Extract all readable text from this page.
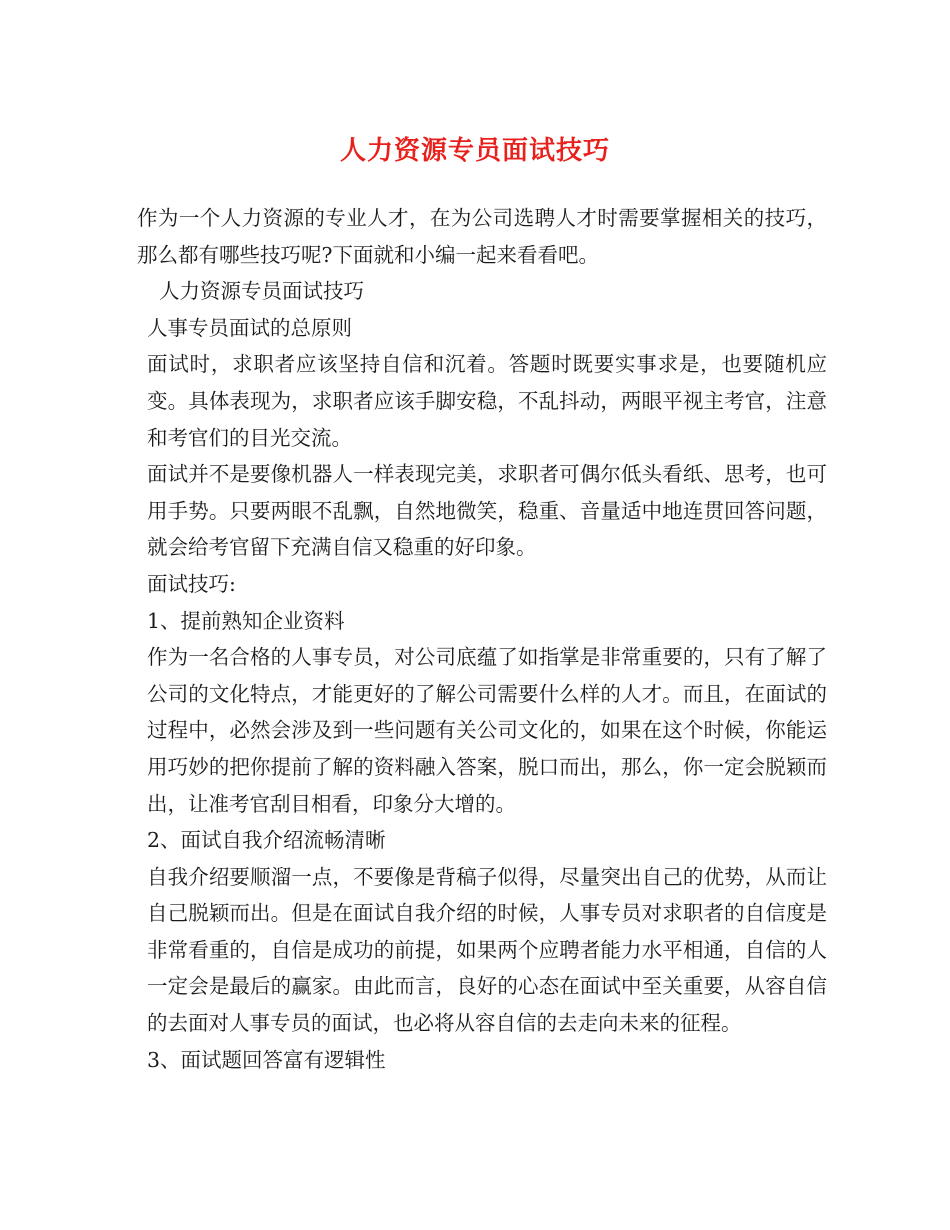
人力资源专员面试技巧

作为一个人力资源的专业人才，在为公司选聘人才时需要掌握相关的技巧，那么都有哪些技巧呢?下面就和小编一起来看看吧。

人力资源专员面试技巧

人事专员面试的总原则

面试时，求职者应该坚持自信和沉着。答题时既要实事求是，也要随机应变。具体表现为，求职者应该手脚安稳，不乱抖动，两眼平视主考官，注意和考官们的目光交流。

面试并不是要像机器人一样表现完美，求职者可偶尔低头看纸、思考，也可用手势。只要两眼不乱飘，自然地微笑，稳重、音量适中地连贯回答问题，就会给考官留下充满自信又稳重的好印象。

面试技巧:

1、提前熟知企业资料

作为一名合格的人事专员，对公司底蕴了如指掌是非常重要的，只有了解了公司的文化特点，才能更好的了解公司需要什么样的人才。而且，在面试的过程中，必然会涉及到一些问题有关公司文化的，如果在这个时候，你能运用巧妙的把你提前了解的资料融入答案，脱口而出，那么，你一定会脱颖而出，让准考官刮目相看，印象分大增的。

2、面试自我介绍流畅清晰

自我介绍要顺溜一点，不要像是背稿子似得，尽量突出自己的优势，从而让自己脱颖而出。但是在面试自我介绍的时候，人事专员对求职者的自信度是非常看重的，自信是成功的前提，如果两个应聘者能力水平相通，自信的人一定会是最后的赢家。由此而言，良好的心态在面试中至关重要，从容自信的去面对人事专员的面试，也必将从容自信的去走向未来的征程。

3、面试题回答富有逻辑性
